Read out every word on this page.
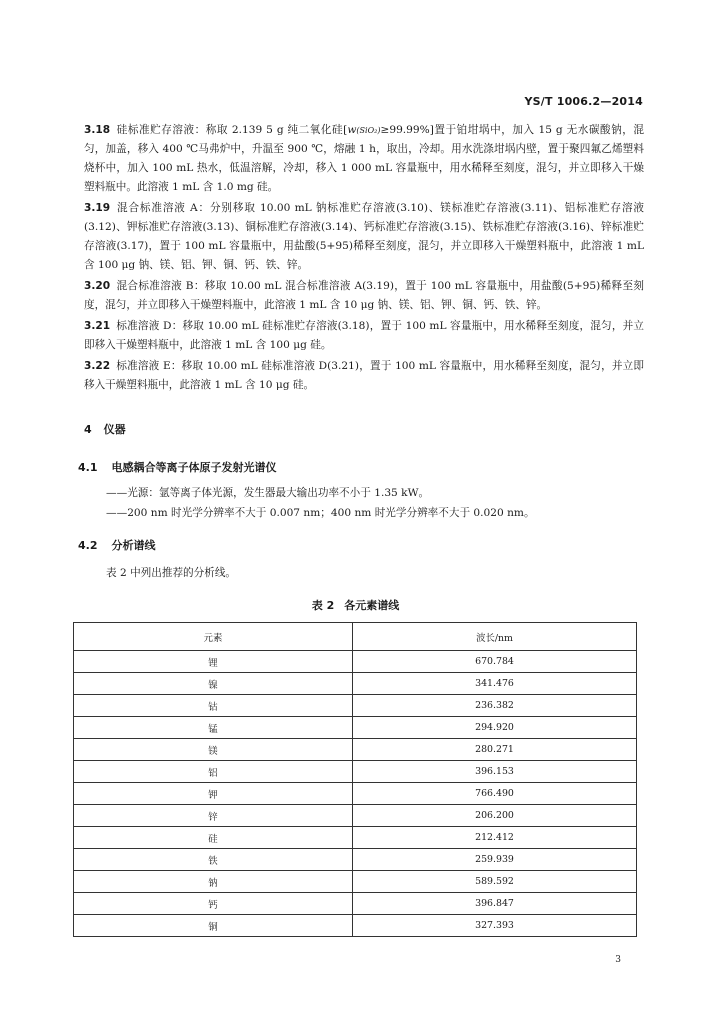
YS/T 1006.2—2014

3.18 硅标准贮存溶液：称取 2.139 5 g 纯二氧化硅[w(SiO₂)≥99.99%]置于铂坩埚中，加入 15 g 无水碳酸钠，混匀，加盖，移入 400 ℃马弗炉中，升温至 900 ℃，熔融 1 h，取出，冷却。用水洗涤坩埚内壁，置于聚四氟乙烯塑料烧杯中，加入 100 mL 热水，低温溶解，冷却，移入 1 000 mL 容量瓶中，用水稀释至刻度，混匀，并立即移入干燥塑料瓶中。此溶液 1 mL 含 1.0 mg 硅。

3.19 混合标准溶液 A：分别移取 10.00 mL 钠标准贮存溶液(3.10)、镁标准贮存溶液(3.11)、铝标准贮存溶液(3.12)、钾标准贮存溶液(3.13)、铜标准贮存溶液(3.14)、钙标准贮存溶液(3.15)、铁标准贮存溶液(3.16)、锌标准贮存溶液(3.17)，置于 100 mL 容量瓶中，用盐酸(5+95)稀释至刻度，混匀，并立即移入干燥塑料瓶中，此溶液 1 mL 含 100 μg 钠、镁、铝、钾、铜、钙、铁、锌。

3.20 混合标准溶液 B：移取 10.00 mL 混合标准溶液 A(3.19)，置于 100 mL 容量瓶中，用盐酸(5+95)稀释至刻度，混匀，并立即移入干燥塑料瓶中，此溶液 1 mL 含 10 μg 钠、镁、铝、钾、铜、钙、铁、锌。

3.21 标准溶液 D：移取 10.00 mL 硅标准贮存溶液(3.18)，置于 100 mL 容量瓶中，用水稀释至刻度，混匀，并立即移入干燥塑料瓶中，此溶液 1 mL 含 100 μg 硅。

3.22 标准溶液 E：移取 10.00 mL 硅标准溶液 D(3.21)，置于 100 mL 容量瓶中，用水稀释至刻度，混匀，并立即移入干燥塑料瓶中，此溶液 1 mL 含 10 μg 硅。

4 仪器
4.1 电感耦合等离子体原子发射光谱仪

——光源：氩等离子体光源，发生器最大输出功率不小于 1.35 kW。

——200 nm 时光学分辨率不大于 0.007 nm；400 nm 时光学分辨率不大于 0.020 nm。

4.2 分析谱线

表 2 中列出推荐的分析线。

表 2 各元素谱线
元素	波长/nm
锂	670.784
镍	341.476
钴	236.382
锰	294.920
镁	280.271
铝	396.153
钾	766.490
锌	206.200
硅	212.412
铁	259.939
钠	589.592
钙	396.847
铜	327.393
3
